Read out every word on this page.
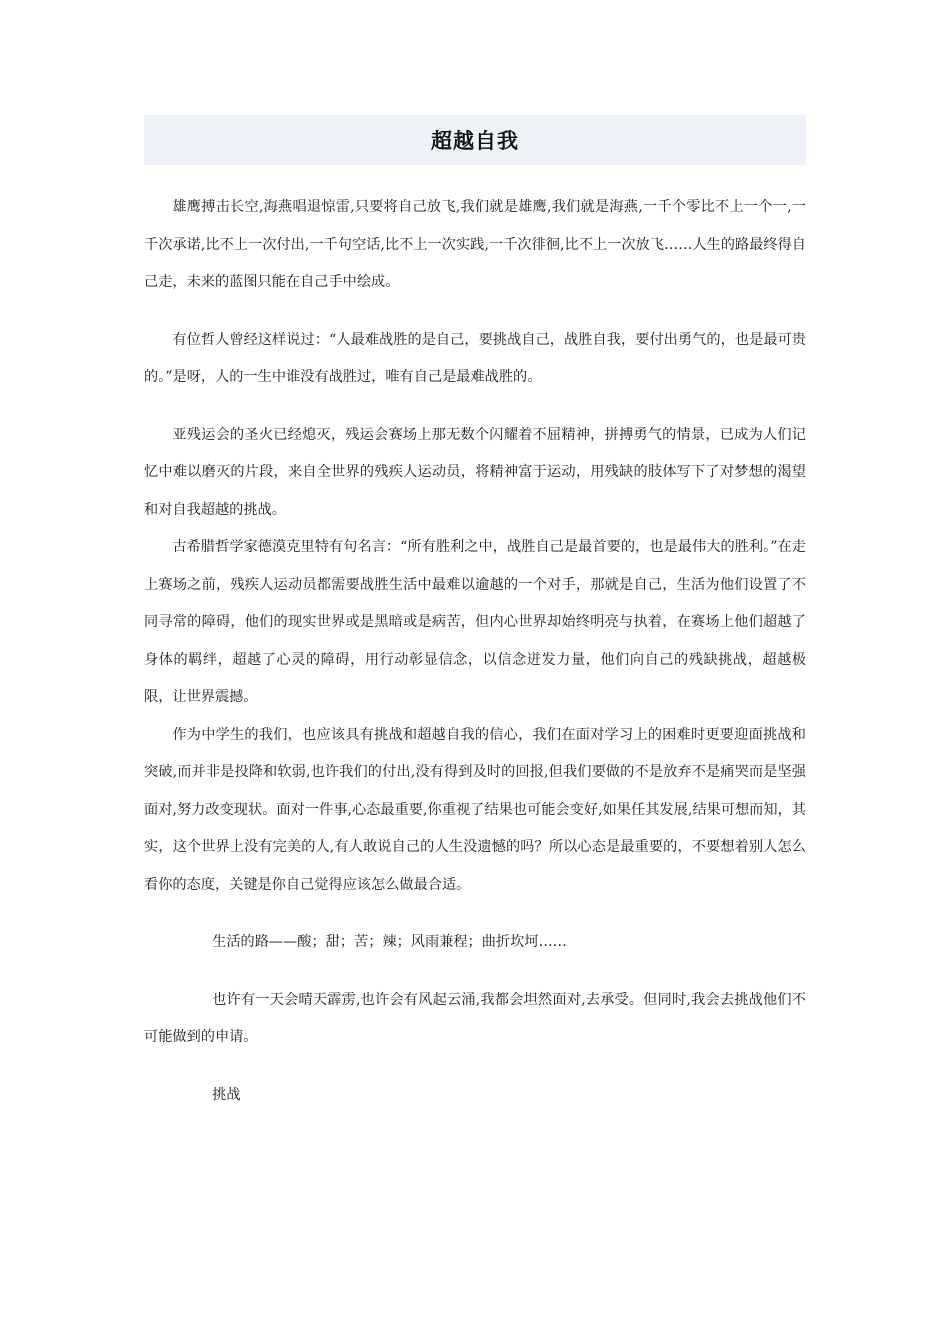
超越自我

雄鹰搏击长空,海燕唱退惊雷,只要将自己放飞,我们就是雄鹰,我们就是海燕,一千个零比不上一个一,一千次承诺,比不上一次付出,一千句空话,比不上一次实践,一千次徘徊,比不上一次放飞……人生的路最终得自己走，未来的蓝图只能在自己手中绘成。

有位哲人曾经这样说过：“人最难战胜的是自己，要挑战自己，战胜自我，要付出勇气的，也是最可贵的。”是呀，人的一生中谁没有战胜过，唯有自己是最难战胜的。

亚残运会的圣火已经熄灭，残运会赛场上那无数个闪耀着不屈精神，拼搏勇气的情景，已成为人们记忆中难以磨灭的片段，来自全世界的残疾人运动员，将精神富于运动，用残缺的肢体写下了对梦想的渴望和对自我超越的挑战。

古希腊哲学家德漠克里特有句名言：“所有胜利之中，战胜自己是最首要的，也是最伟大的胜利。”在走上赛场之前，残疾人运动员都需要战胜生活中最难以逾越的一个对手，那就是自己，生活为他们设置了不同寻常的障碍，他们的现实世界或是黑暗或是病苦，但内心世界却始终明亮与执着，在赛场上他们超越了身体的羁绊，超越了心灵的障碍，用行动彰显信念，以信念迸发力量，他们向自己的残缺挑战，超越极限，让世界震撼。

作为中学生的我们，也应该具有挑战和超越自我的信心，我们在面对学习上的困难时更要迎面挑战和突破,而并非是投降和软弱,也许我们的付出,没有得到及时的回报,但我们要做的不是放弃不是痛哭而是坚强面对,努力改变现状。面对一件事,心态最重要,你重视了结果也可能会变好,如果任其发展,结果可想而知，其实，这个世界上没有完美的人,有人敢说自己的人生没遗憾的吗？所以心态是最重要的，不要想着别人怎么看你的态度，关键是你自己觉得应该怎么做最合适。

生活的路——酸；甜；苦；辣；风雨兼程；曲折坎坷……

也许有一天会晴天霹雳,也许会有风起云涌,我都会坦然面对,去承受。但同时,我会去挑战他们不可能做到的申请。

挑战
